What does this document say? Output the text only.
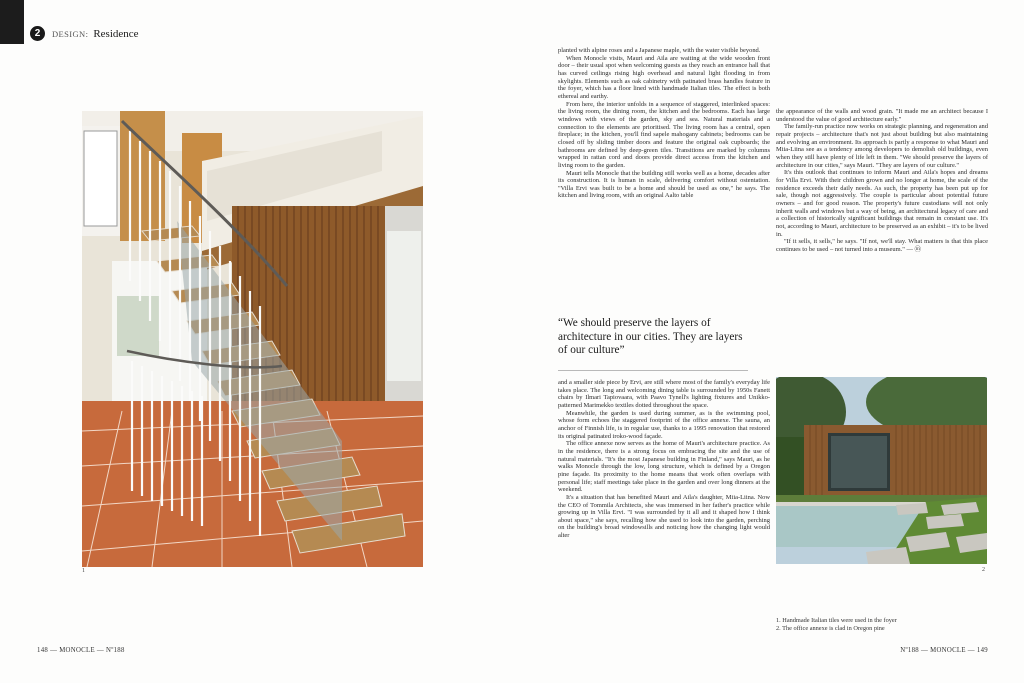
2	DESIGN: Residence
1

planted with alpine roses and a Japanese maple, with the water visible beyond.

When Monocle visits, Mauri and Aila are waiting at the wide wooden front door – their usual spot when welcoming guests as they reach an entrance hall that has curved ceilings rising high overhead and natural light flooding in from skylights. Elements such as oak cabinetry with patinated brass handles feature in the foyer, which has a floor lined with handmade Italian tiles. The effect is both ethereal and earthy.

From here, the interior unfolds in a sequence of staggered, interlinked spaces: the living room, the dining room, the kitchen and the bedrooms. Each has large windows with views of the garden, sky and sea. Natural materials and a connection to the elements are prioritised. The living room has a central, open fireplace; in the kitchen, you'll find sapele mahogany cabinets; bedrooms can be closed off by sliding timber doors and feature the original oak cupboards; the bathrooms are defined by deep-green tiles. Transitions are marked by columns wrapped in rattan cord and doors provide direct access from the kitchen and living room to the garden.

Mauri tells Monocle that the building still works well as a home, decades after its construction. It is human in scale, delivering comfort without ostentation. "Villa Ervi was built to be a home and should be used as one," he says. The kitchen and living room, with an original Aalto table

“We should preserve the layers of architecture in our cities. They are layers of our culture”

and a smaller side piece by Ervi, are still where most of the family's everyday life takes place. The long and welcoming dining table is surrounded by 1950s Fanett chairs by Ilmari Tapiovaara, with Paavo Tynell's lighting fixtures and Unikko-patterned Marimekko textiles dotted throughout the space.

Meanwhile, the garden is used during summer, as is the swimming pool, whose form echoes the staggered footprint of the office annexe. The sauna, an anchor of Finnish life, is in regular use, thanks to a 1995 renovation that restored its original patinated iroko-wood façade.

The office annexe now serves as the home of Mauri's architecture practice. As in the residence, there is a strong focus on embracing the site and the use of natural materials. "It's the most Japanese building in Finland," says Mauri, as he walks Monocle through the low, long structure, which is defined by a Oregon pine façade. Its proximity to the home means that work often overlaps with personal life; staff meetings take place in the garden and over long dinners at the weekend.

It's a situation that has benefited Mauri and Aila's daughter, Miia-Liina. Now the CEO of Tommila Architects, she was immersed in her father's practice while growing up in Villa Ervi. "I was surrounded by it all and it shaped how I think about space," she says, recalling how she used to look into the garden, perching on the building's broad windowsills and noticing how the changing light would alter

the appearance of the walls and wood grain. "It made me an architect because I understood the value of good architecture early."

The family-run practice now works on strategic planning, and regeneration and repair projects – architecture that's not just about building but also maintaining and evolving an environment. Its approach is partly a response to what Mauri and Miia-Liina see as a tendency among developers to demolish old buildings, even when they still have plenty of life left in them. "We should preserve the layers of architecture in our cities," says Mauri. "They are layers of our culture."

It's this outlook that continues to inform Mauri and Aila's hopes and dreams for Villa Ervi. With their children grown and no longer at home, the scale of the residence exceeds their daily needs. As such, the property has been put up for sale, though not aggressively. The couple is particular about potential future owners – and for good reason. The property's future custodians will not only inherit walls and windows but a way of being, an architectural legacy of care and a collection of historically significant buildings that remain in constant use. It's not, according to Mauri, architecture to be preserved as an exhibit – it's to be lived in.

"If it sells, it sells," he says. "If not, we'll stay. What matters is that this place continues to be used – not turned into a museum." — ⓜ

2
1. Handmade Italian tiles were used in the foyer
2. The office annexe is clad in Oregon pine
148 — MONOCLE — Nº188	Nº188 — MONOCLE — 149
